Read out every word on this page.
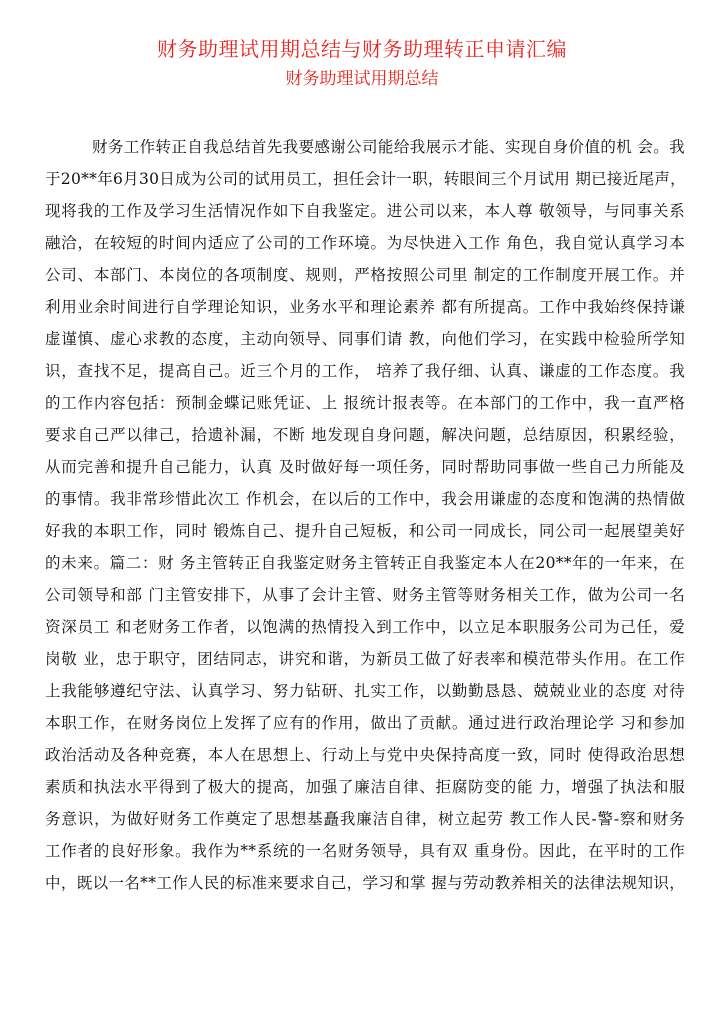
财务助理试用期总结与财务助理转正申请汇编
财务助理试用期总结
财务工作转正自我总结首先我要感谢公司能给我展示才能、实现自身价值的机 会。我
于20**年6月30日成为公司的试用员工，担任会计一职，转眼间三个月试用 期已接近尾声，
现将我的工作及学习生活情况作如下自我鉴定。进公司以来，本人尊 敬领导，与同事关系
融洽，在较短的时间内适应了公司的工作环境。为尽快进入工作 角色，我自觉认真学习本
公司、本部门、本岗位的各项制度、规则，严格按照公司里 制定的工作制度开展工作。并
利用业余时间进行自学理论知识，业务水平和理论素养 都有所提高。工作中我始终保持谦
虚谨慎、虚心求教的态度，主动向领导、同事们请 教，向他们学习，在实践中检验所学知
识，查找不足，提高自己。近三个月的工作， 培养了我仔细、认真、谦虚的工作态度。我
的工作内容包括：预制金蝶记账凭证、上 报统计报表等。在本部门的工作中，我一直严格
要求自己严以律己，拾遗补漏，不断 地发现自身问题，解决问题，总结原因，积累经验，
从而完善和提升自己能力，认真 及时做好每一项任务，同时帮助同事做一些自己力所能及
的事情。我非常珍惜此次工 作机会，在以后的工作中，我会用谦虚的态度和饱满的热情做
好我的本职工作，同时 锻炼自己、提升自己短板，和公司一同成长，同公司一起展望美好
的未来。篇二：财 务主管转正自我鉴定财务主管转正自我鉴定本人在20**年的一年来，在
公司领导和部 门主管安排下，从事了会计主管、财务主管等财务相关工作，做为公司一名
资深员工 和老财务工作者，以饱满的热情投入到工作中，以立足本职服务公司为己任，爱
岗敬 业，忠于职守，团结同志，讲究和谐，为新员工做了好表率和模范带头作用。在工作
上我能够遵纪守法、认真学习、努力钻研、扎实工作，以勤勤恳恳、兢兢业业的态度 对待
本职工作，在财务岗位上发挥了应有的作用，做出了贡献。通过进行政治理论学 习和参加
政治活动及各种竞赛，本人在思想上、行动上与党中央保持高度一致，同时 使得政治思想
素质和执法水平得到了极大的提高，加强了廉洁自律、拒腐防变的能 力，增强了执法和服
务意识，为做好财务工作奠定了思想基矗我廉洁自律，树立起劳 教工作人民-警-察和财务
工作者的良好形象。我作为**系统的一名财务领导，具有双 重身份。因此，在平时的工作
中，既以一名**工作人民的标准来要求自己，学习和掌 握与劳动教养相关的法律法规知识，
